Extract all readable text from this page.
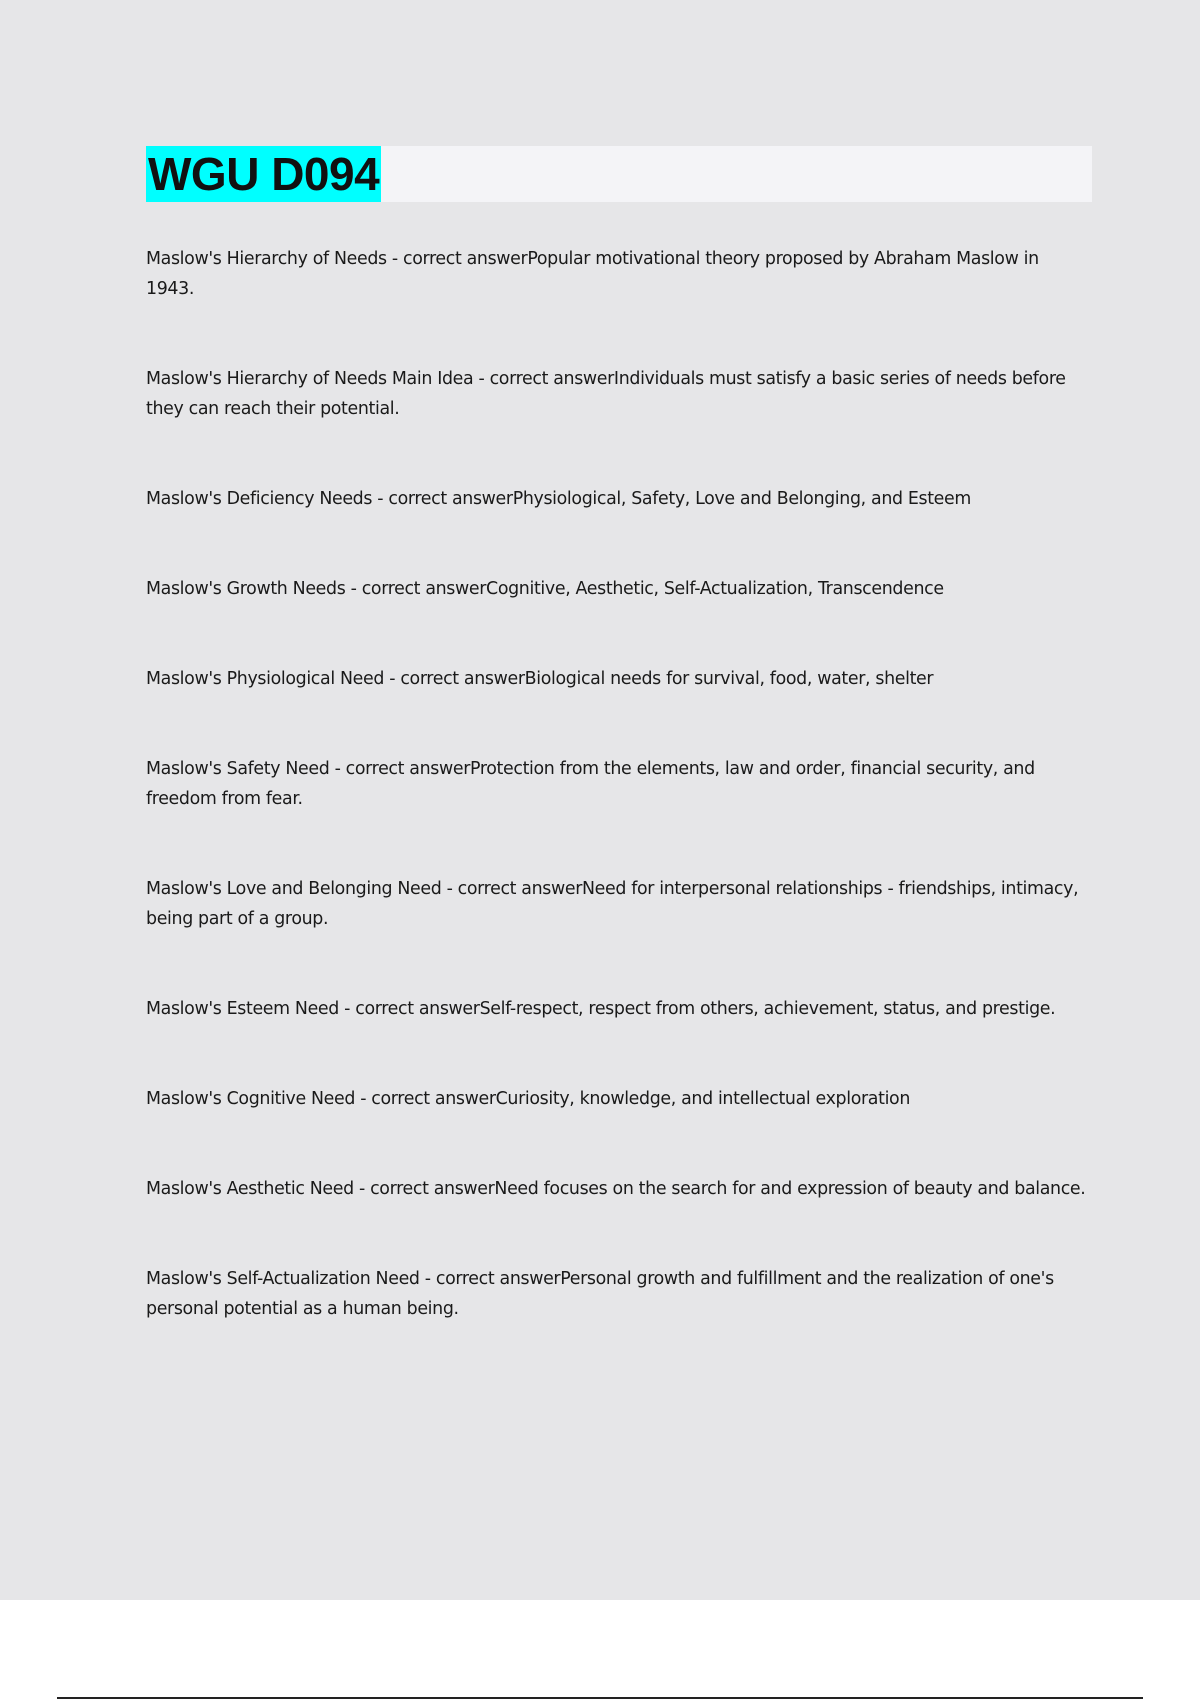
WGU D094

Maslow's Hierarchy of Needs - correct answerPopular motivational theory proposed by Abraham Maslow in 1943.

Maslow's Hierarchy of Needs Main Idea - correct answerIndividuals must satisfy a basic series of needs before they can reach their potential.

Maslow's Deficiency Needs - correct answerPhysiological, Safety, Love and Belonging, and Esteem

Maslow's Growth Needs - correct answerCognitive, Aesthetic, Self-Actualization, Transcendence

Maslow's Physiological Need - correct answerBiological needs for survival, food, water, shelter

Maslow's Safety Need - correct answerProtection from the elements, law and order, financial security, and freedom from fear.

Maslow's Love and Belonging Need - correct answerNeed for interpersonal relationships - friendships, intimacy, being part of a group.

Maslow's Esteem Need - correct answerSelf-respect, respect from others, achievement, status, and prestige.

Maslow's Cognitive Need - correct answerCuriosity, knowledge, and intellectual exploration

Maslow's Aesthetic Need - correct answerNeed focuses on the search for and expression of beauty and balance.

Maslow's Self-Actualization Need - correct answerPersonal growth and fulfillment and the realization of one's personal potential as a human being.
